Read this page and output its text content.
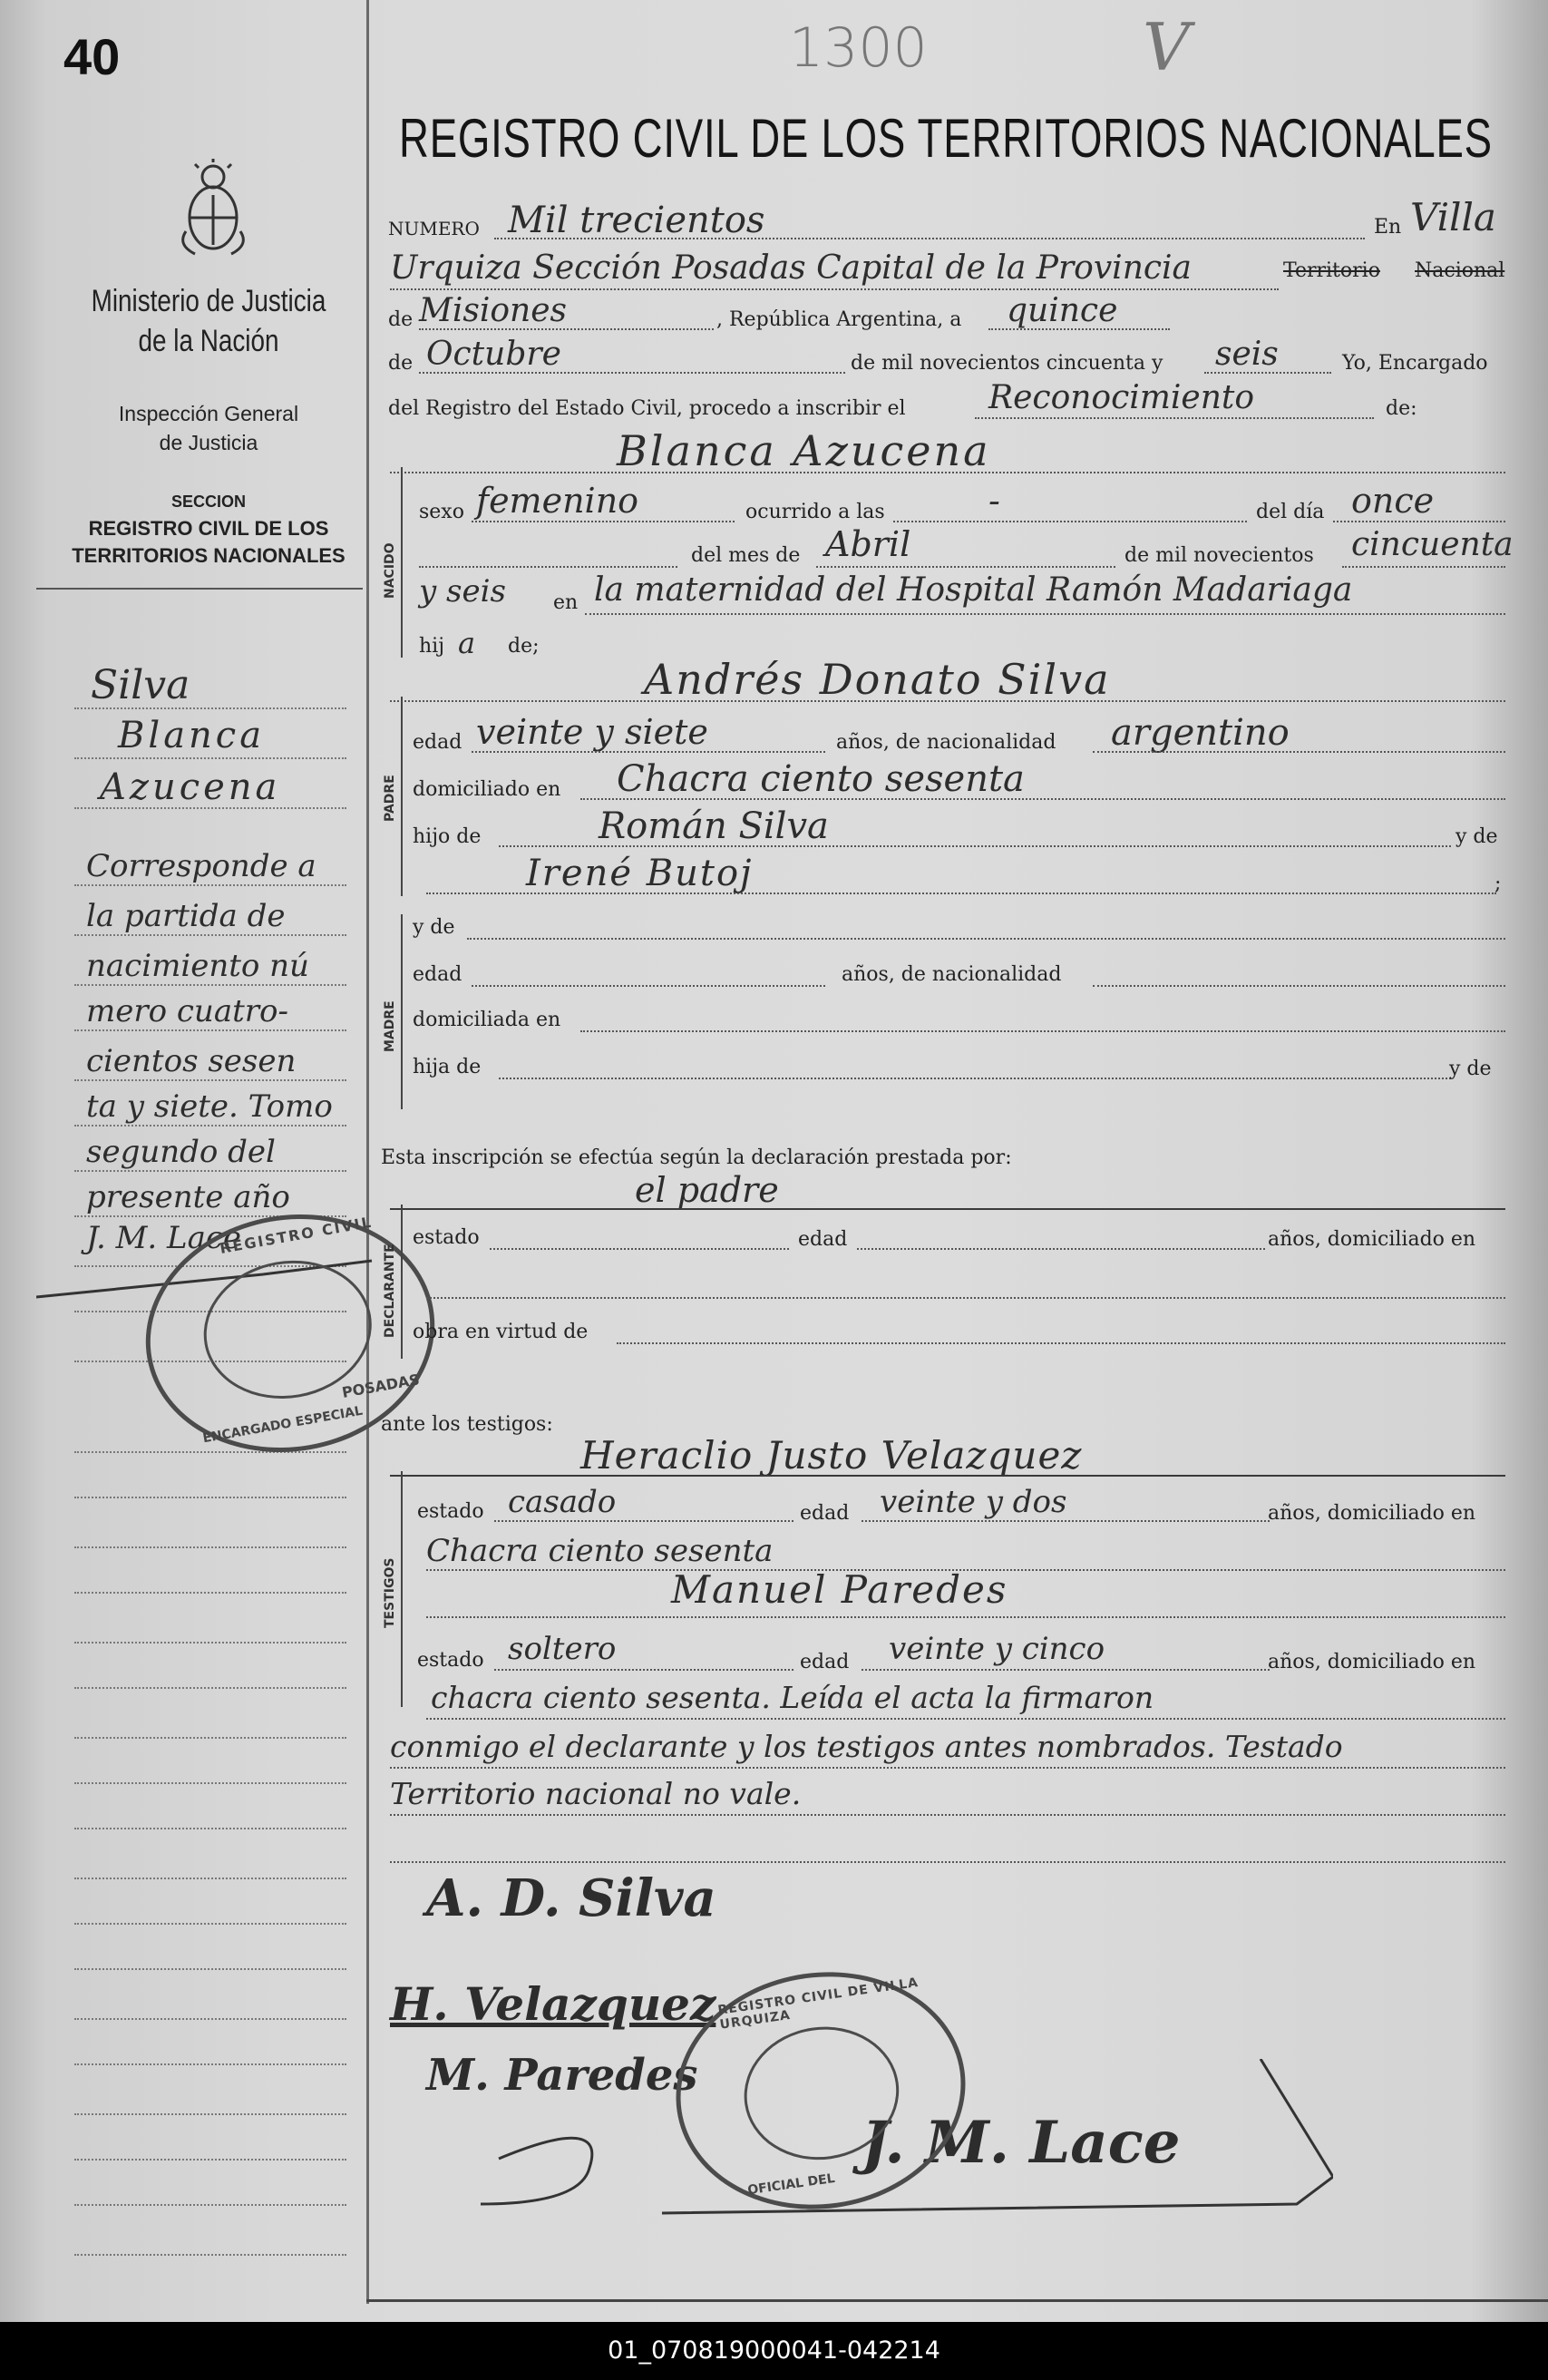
40	1300	V
Ministerio de Justicia
de la Nación
Inspección General
de Justicia
SECCION
REGISTRO CIVIL DE LOS
TERRITORIOS NACIONALES
Silva
Blanca
Azucena
Corresponde a
la partida de
nacimiento nú
mero cuatro-
cientos sesen
ta y siete. Tomo
segundo del
presente año
J. M. Lace
REGISTRO CIVIL
POSADAS
ENCARGADO ESPECIAL
REGISTRO CIVIL DE LOS TERRITORIOS NACIONALES
NUMERO Mil trecientos	En Villa
Urquiza Sección Posadas Capital de la Provincia	Territorio Nacional
de Misiones	, República Argentina, a quince
de Octubre	de mil novecientos cincuenta y seis	Yo, Encargado
del Registro del Estado Civil, procedo a inscribir el	Reconocimiento	de:
Blanca Azucena
NACIDO
sexo femenino	ocurrido a las	-	del día once
del mes de Abril	de mil novecientos cincuenta
y seis en la maternidad del Hospital Ramón Madariaga
hij a de;
Andrés Donato Silva
PADRE
edad veinte y siete	años, de nacionalidad argentino
domiciliado en Chacra ciento sesenta
hijo de	Román Silva	y de
Irené Butoj	;
MADRE
y de
edad	años, de nacionalidad
domiciliada en
hija de	y de
Esta inscripción se efectúa según la declaración prestada por:
el padre
DECLARANTE
estado	edad	años, domiciliado en
obra en virtud de
ante los testigos:
Heraclio Justo Velazquez
TESTIGOS
estado casado	edad veinte y dos	años, domiciliado en
Chacra ciento sesenta
Manuel Paredes
estado soltero	edad veinte y cinco	años, domiciliado en
chacra ciento sesenta. Leída el acta la firmaron
conmigo el declarante y los testigos antes nombrados. Testado
Territorio nacional no vale.
A. D. Silva
H. Velazquez
M. Paredes
J. M. Lace
REGISTRO CIVIL DE VILLA URQUIZA
OFICIAL DEL
01_070819000041-042214
